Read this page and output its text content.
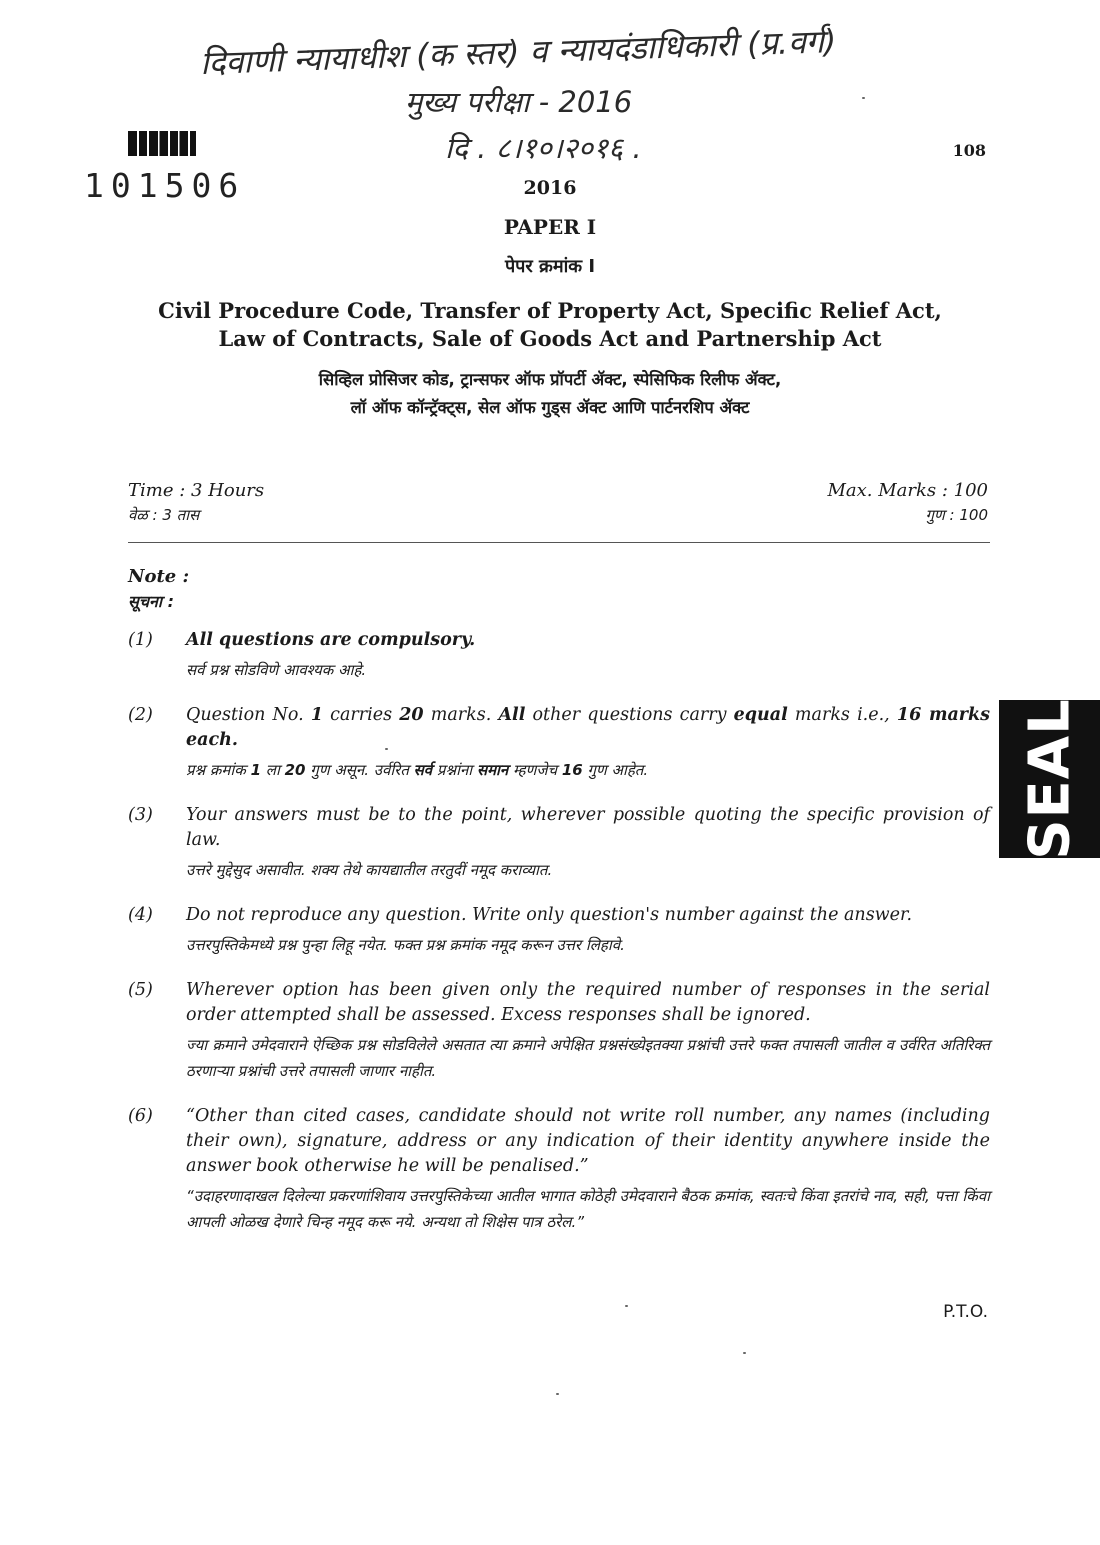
दिवाणी न्यायाधीश (क स्तर) व न्यायदंडाधिकारी (प्र.वर्ग)
मुख्य परीक्षा - 2016
दि . ८।१०।२०१६ .
101506
108
2016
PAPER I
पेपर क्रमांक I
Civil Procedure Code, Transfer of Property Act, Specific Relief Act,
Law of Contracts, Sale of Goods Act and Partnership Act
सिव्हिल प्रोसिजर कोड, ट्रान्सफर ऑफ प्रॉपर्टी ॲक्ट, स्पेसिफिक रिलीफ ॲक्ट,
लॉ ऑफ कॉन्ट्रॅक्ट्स, सेल ऑफ गुड्स ॲक्ट आणि पार्टनरशिप ॲक्ट
Time : 3 Hours
वेळ : 3 तास
Max. Marks : 100
गुण : 100
Note :
सूचना :
(1)	All questions are compulsory.
सर्व प्रश्न सोडविणे आवश्यक आहे.
(2)	Question No. 1 carries 20 marks. All other questions carry equal marks i.e., 16 marks each.
प्रश्न क्रमांक 1 ला 20 गुण असून. उर्वरित सर्व प्रश्नांना समान म्हणजेच 16 गुण आहेत.
(3)	Your answers must be to the point, wherever possible quoting the specific provision of law.
उत्तरे मुद्देसुद असावीत. शक्य तेथे कायद्यातील तरतुदीं नमूद कराव्यात.
(4)	Do not reproduce any question. Write only question's number against the answer.
उत्तरपुस्तिकेमध्ये प्रश्न पुन्हा लिहू नयेत. फक्त प्रश्न क्रमांक नमूद करून उत्तर लिहावे.
(5)	Wherever option has been given only the required number of responses in the serial order attempted shall be assessed. Excess responses shall be ignored.
ज्या क्रमाने उमेदवाराने ऐच्छिक प्रश्न सोडविलेले असतात त्या क्रमाने अपेक्षित प्रश्नसंख्येइतक्या प्रश्नांची उत्तरे फक्त तपासली जातील व उर्वरित अतिरिक्त ठरणाऱ्या प्रश्नांची उत्तरे तपासली जाणार नाहीत.
(6)	“Other than cited cases, candidate should not write roll number, any names (including their own), signature, address or any indication of their identity anywhere inside the answer book otherwise he will be penalised.”
“उदाहरणादाखल दिलेल्या प्रकरणांशिवाय उत्तरपुस्तिकेच्या आतील भागात कोठेही उमेदवाराने बैठक क्रमांक, स्वतःचे किंवा इतरांचे नाव, सही, पत्ता किंवा आपली ओळख देणारे चिन्ह नमूद करू नये. अन्यथा तो शिक्षेस पात्र ठरेल.”
SEAL
P.T.O.
